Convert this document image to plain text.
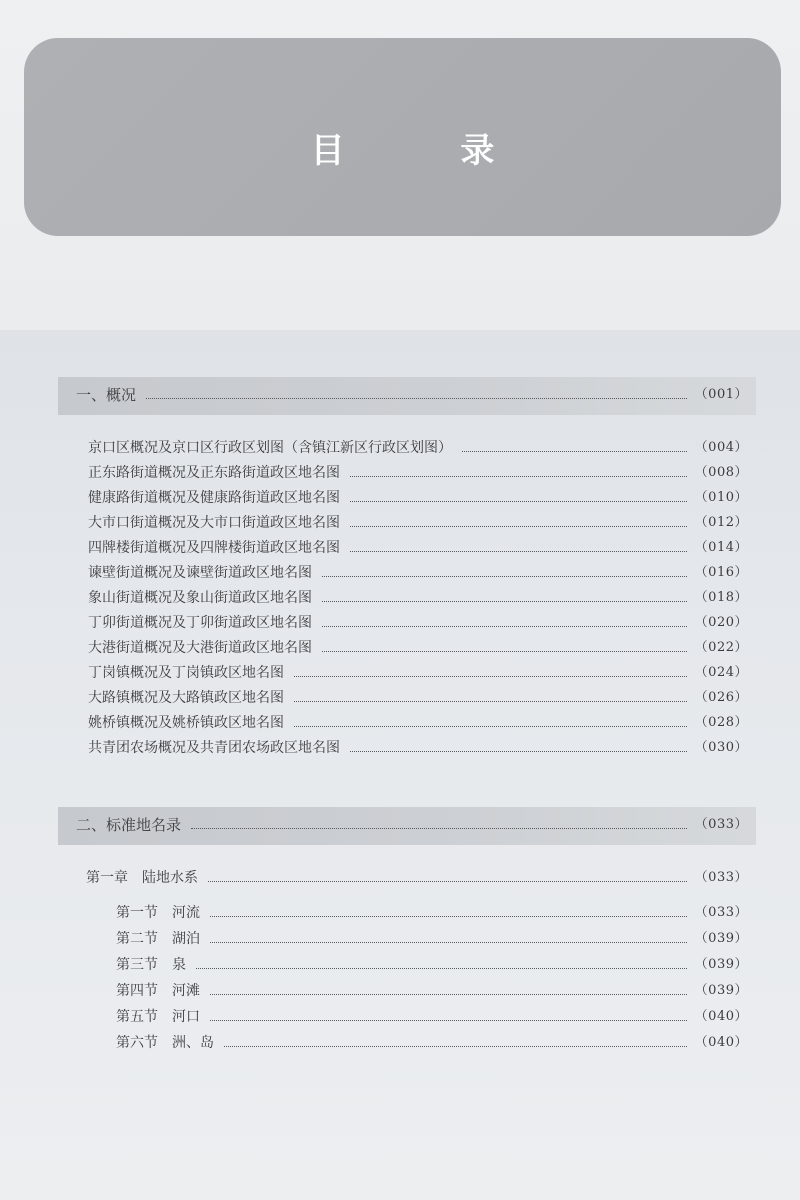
目 录
一、概况	（001）
京口区概况及京口区行政区划图（含镇江新区行政区划图）	（004）
正东路街道概况及正东路街道政区地名图	（008）
健康路街道概况及健康路街道政区地名图	（010）
大市口街道概况及大市口街道政区地名图	（012）
四牌楼街道概况及四牌楼街道政区地名图	（014）
谏壁街道概况及谏壁街道政区地名图	（016）
象山街道概况及象山街道政区地名图	（018）
丁卯街道概况及丁卯街道政区地名图	（020）
大港街道概况及大港街道政区地名图	（022）
丁岗镇概况及丁岗镇政区地名图	（024）
大路镇概况及大路镇政区地名图	（026）
姚桥镇概况及姚桥镇政区地名图	（028）
共青团农场概况及共青团农场政区地名图	（030）
二、标准地名录	（033）
第一章 陆地水系	（033）
第一节 河流	（033）
第二节 湖泊	（039）
第三节 泉	（039）
第四节 河滩	（039）
第五节 河口	（040）
第六节 洲、岛	（040）
